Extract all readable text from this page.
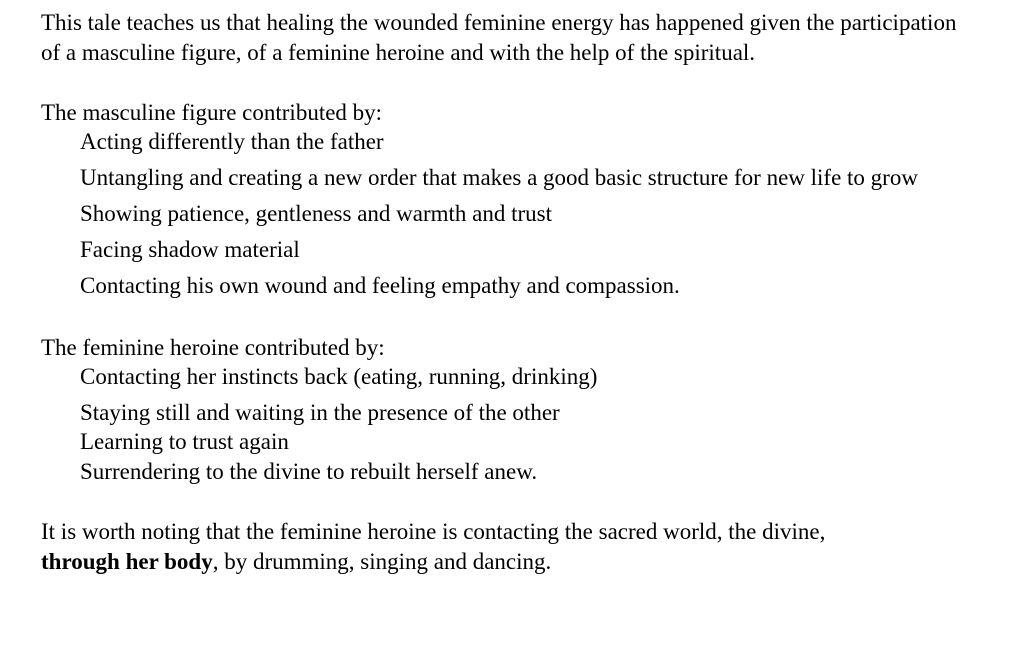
This tale teaches us that healing the wounded feminine energy has happened given the participation of a masculine figure, of a feminine heroine and with the help of the spiritual.

The masculine figure contributed by:

Acting differently than the father
Untangling and creating a new order that makes a good basic structure for new life to grow
Showing patience, gentleness and warmth and trust
Facing shadow material
Contacting his own wound and feeling empathy and compassion.

The feminine heroine contributed by:

Contacting her instincts back (eating, running, drinking)
Staying still and waiting in the presence of the other
Learning to trust again
Surrendering to the divine to rebuilt herself anew.

It is worth noting that the feminine heroine is contacting the sacred world, the divine,
through her body, by drumming, singing and dancing.
